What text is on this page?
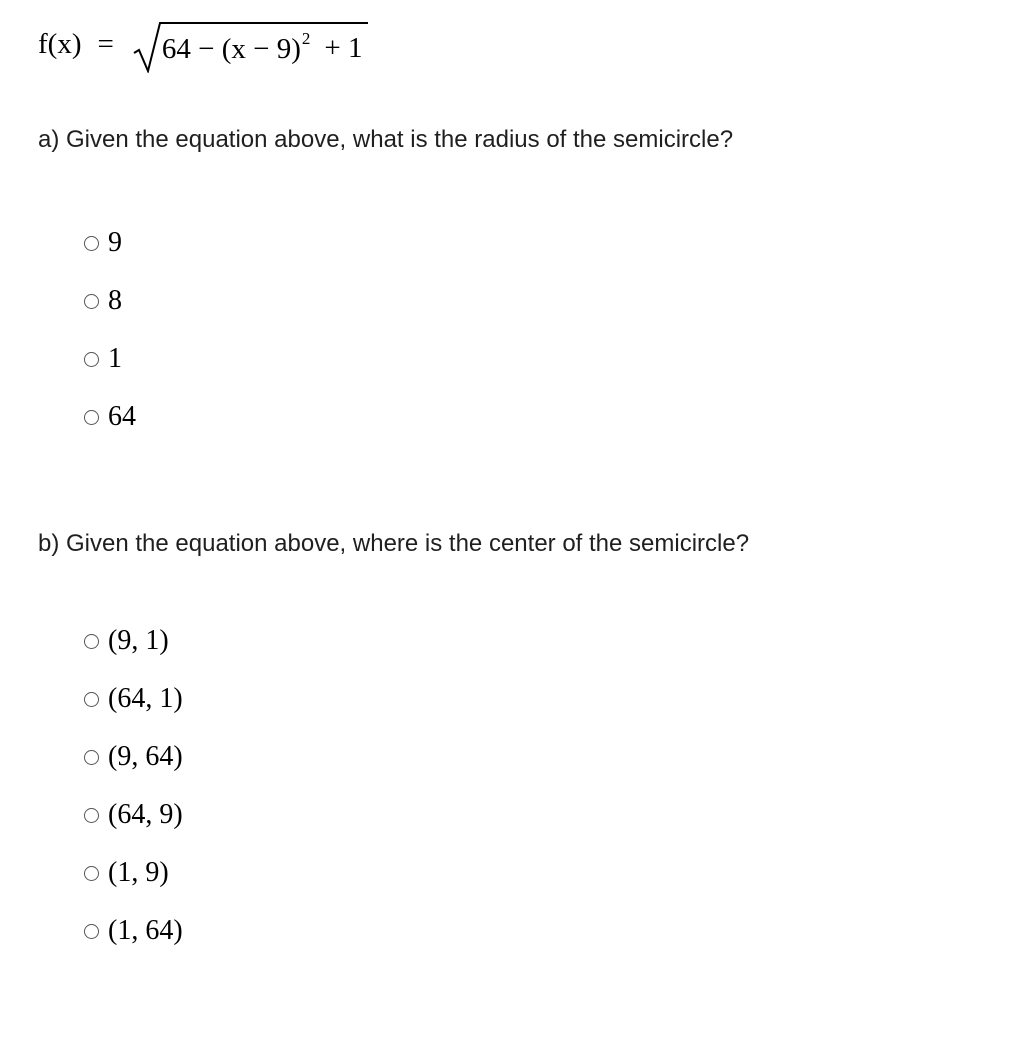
$f(x) = 64 - (x - 9)^2 + 1$
a) Given the equation above, what is the radius of the semicircle?
9
8
1
64
b) Given the equation above, where is the center of the semicircle?
(9, 1)
(64, 1)
(9, 64)
(64, 9)
(1, 9)
(1, 64)
